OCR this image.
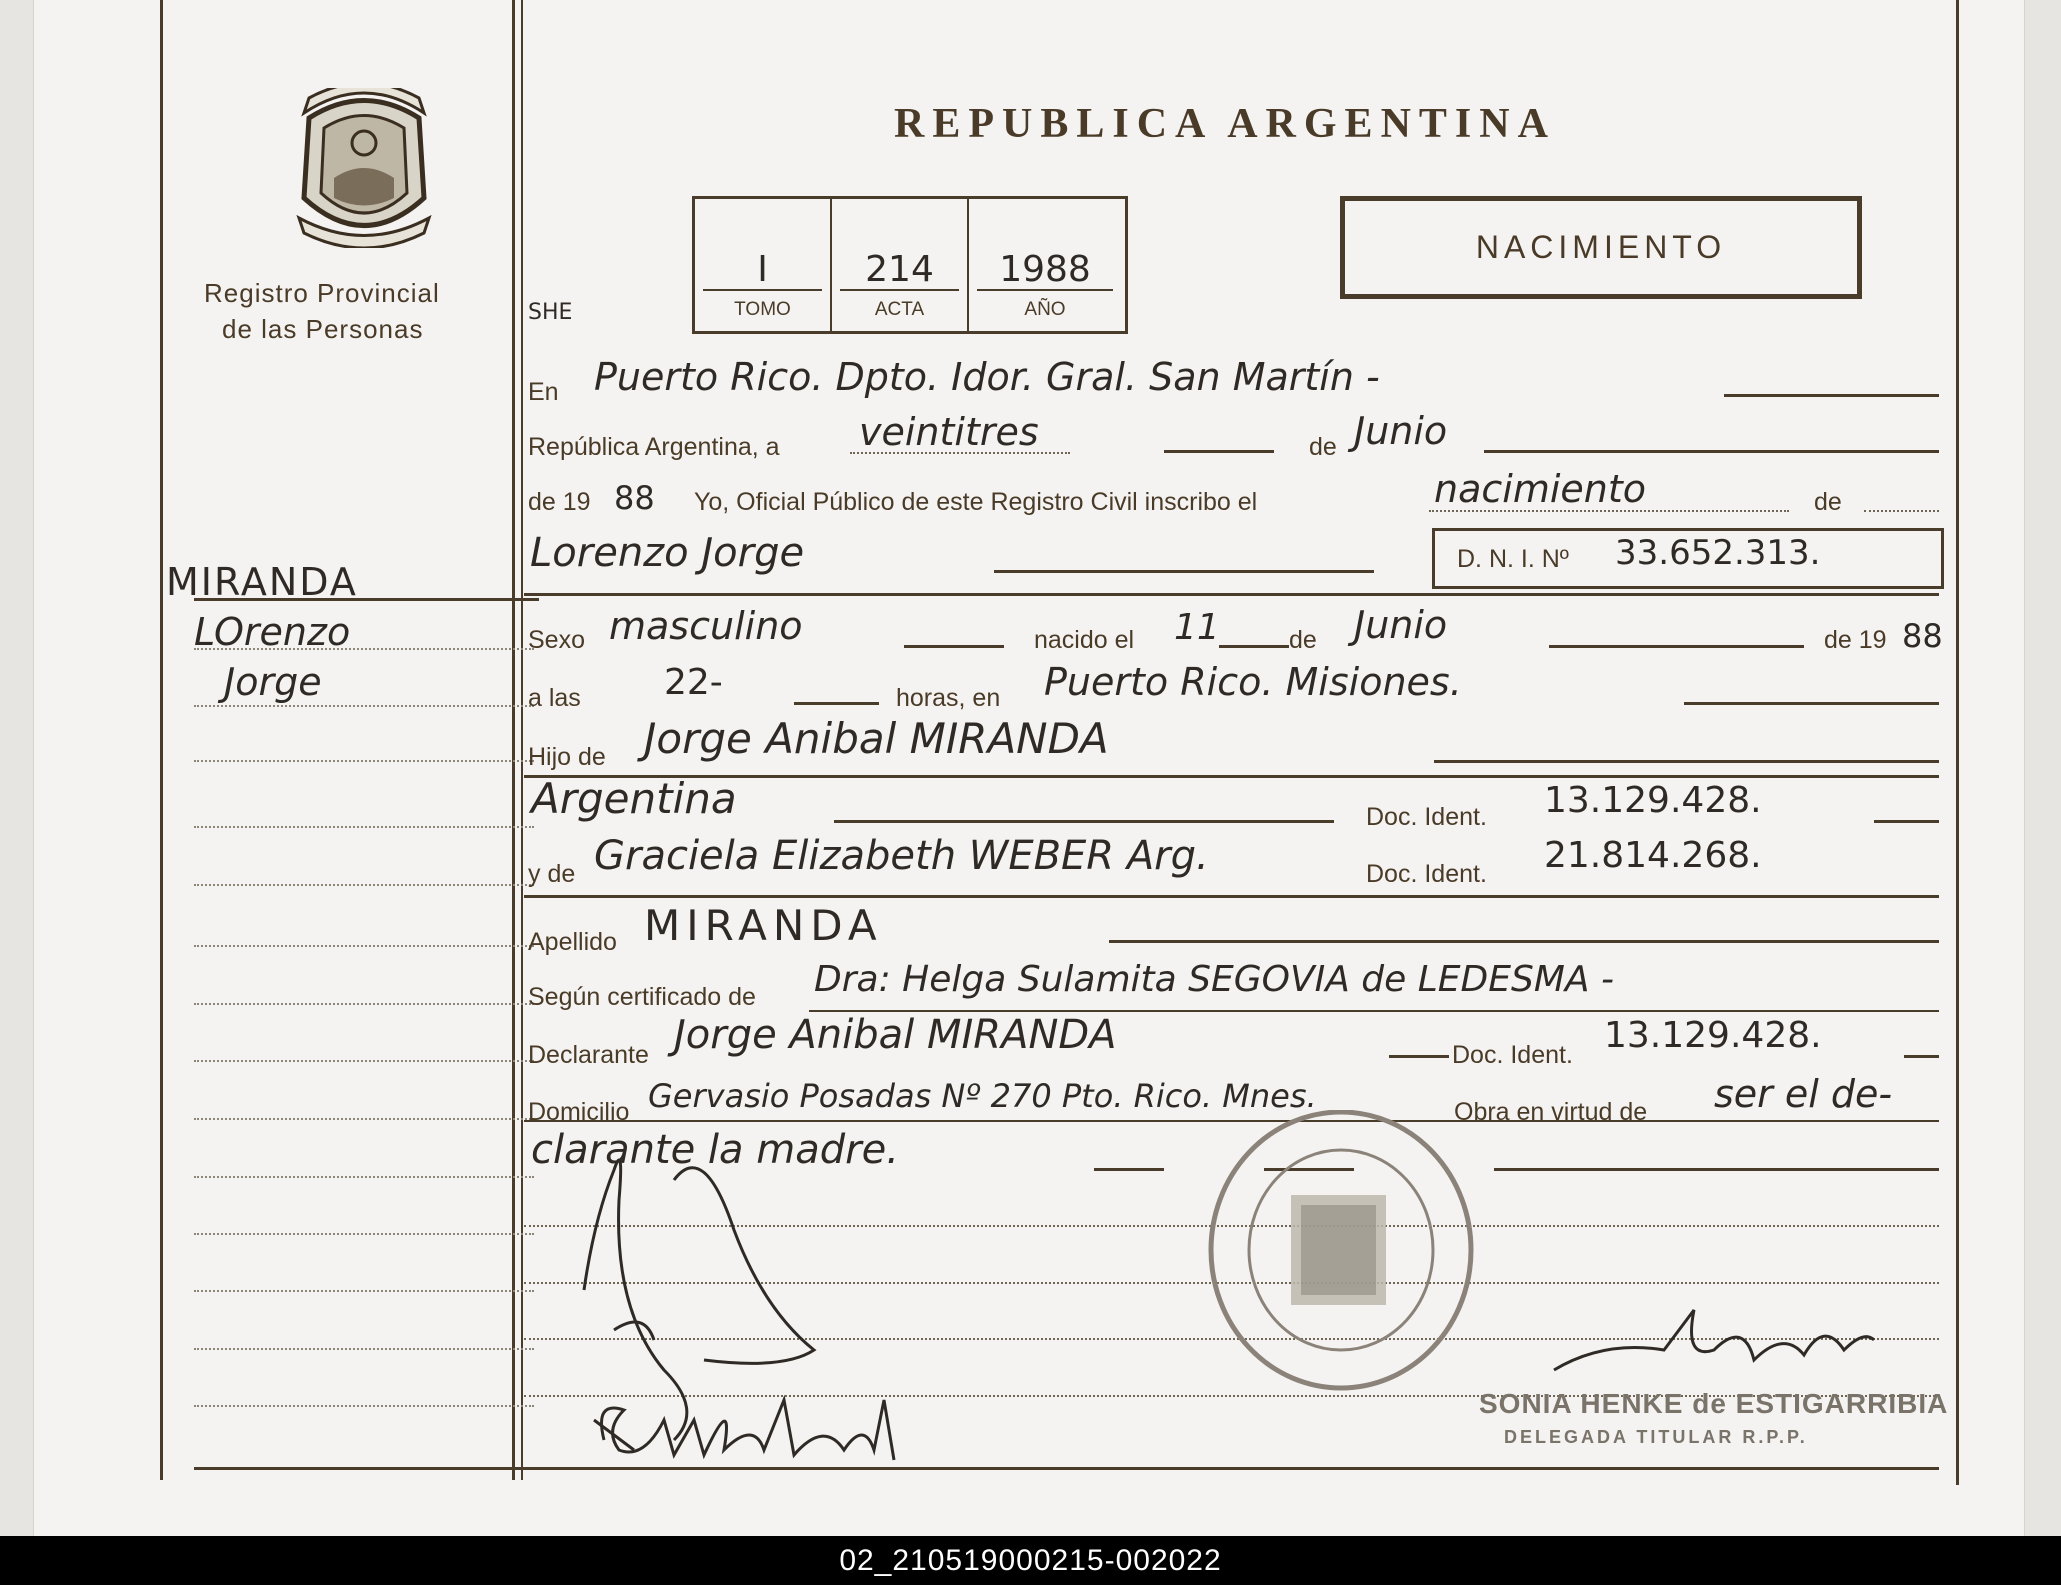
Registro Provincial
de las Personas
MIRANDA
LOrenzo
Jorge
REPUBLICA ARGENTINA
I
TOMO
214
ACTA
1988
AÑO
SHE
NACIMIENTO
En Puerto Rico. Dpto. Idor. Gral. San Martín -
República Argentina, a veintitres	de Junio
de 19 88 Yo, Oficial Público de este Registro Civil inscribo el	nacimiento	de
Lorenzo Jorge	D. N. I. Nº 33.652.313.
Sexo masculino	nacido el 11	de Junio	de 19 88
a las 22-	horas, en Puerto Rico. Misiones.
Hijo de Jorge Anibal MIRANDA
Argentina	Doc. Ident. 13.129.428.
y de Graciela Elizabeth WEBER Arg.	Doc. Ident. 21.814.268.
Apellido MIRANDA
Según certificado de Dra: Helga Sulamita SEGOVIA de LEDESMA -
Declarante Jorge Anibal MIRANDA	Doc. Ident. 13.129.428.
Domicilio Gervasio Posadas Nº 270 Pto. Rico. Mnes.	Obra en virtud de ser el de-
clarante la madre.
SONIA HENKE de ESTIGARRIBIA
DELEGADA TITULAR R.P.P.
02_210519000215-002022
